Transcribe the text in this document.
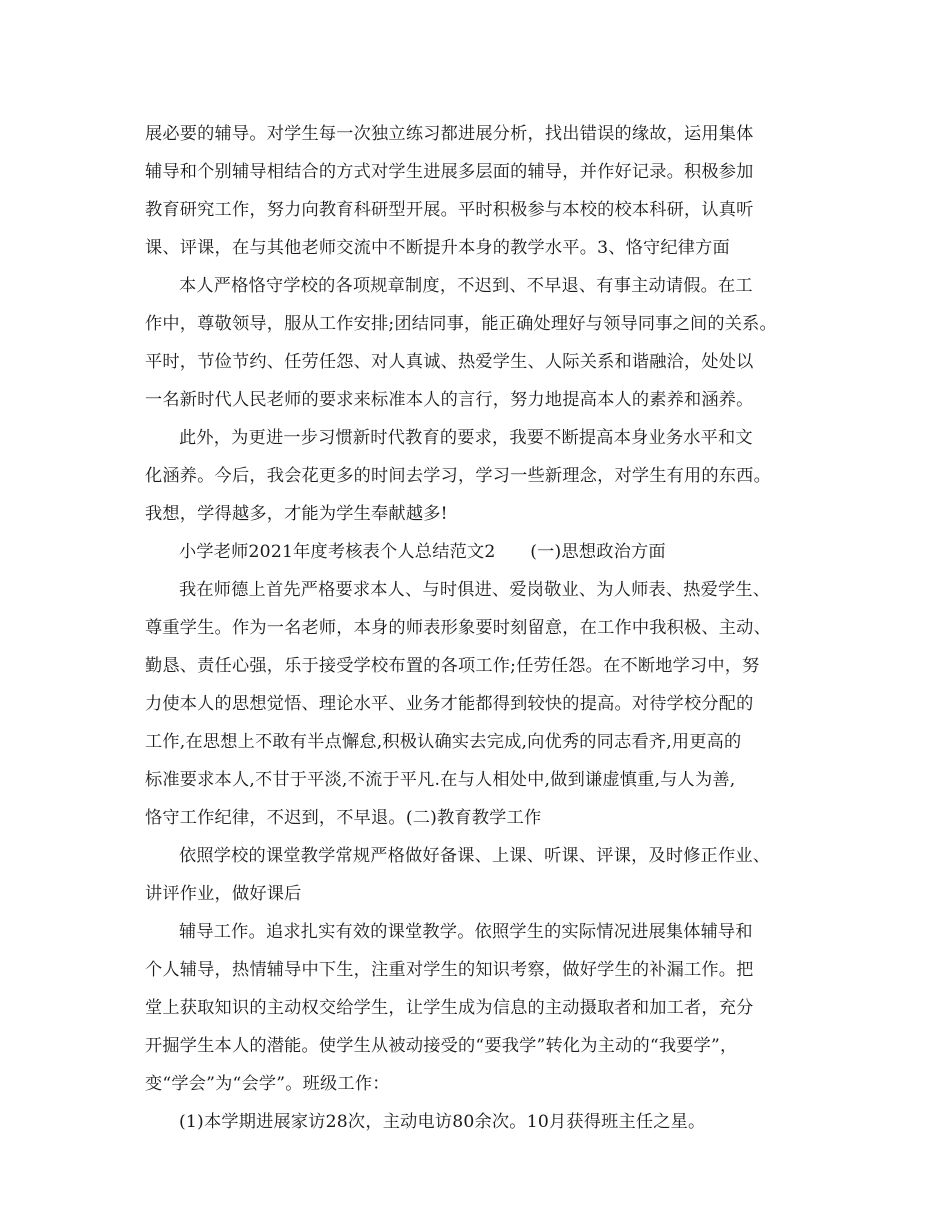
展必要的辅导。对学生每一次独立练习都进展分析，找出错误的缘故，运用集体
辅导和个别辅导相结合的方式对学生进展多层面的辅导，并作好记录。积极参加
教育研究工作，努力向教育科研型开展。平时积极参与本校的校本科研，认真听
课、评课，在与其他老师交流中不断提升本身的教学水平。3、恪守纪律方面
本人严格恪守学校的各项规章制度，不迟到、不早退、有事主动请假。在工
作中，尊敬领导，服从工作安排;团结同事，能正确处理好与领导同事之间的关系。
平时，节俭节约、任劳任怨、对人真诚、热爱学生、人际关系和谐融洽，处处以
一名新时代人民老师的要求来标准本人的言行，努力地提高本人的素养和涵养。
此外，为更进一步习惯新时代教育的要求，我要不断提高本身业务水平和文
化涵养。今后，我会花更多的时间去学习，学习一些新理念，对学生有用的东西。
我想，学得越多，才能为学生奉献越多!
小学老师2021年度考核表个人总结范文2　　(一)思想政治方面
我在师德上首先严格要求本人、与时俱进、爱岗敬业、为人师表、热爱学生、
尊重学生。作为一名老师，本身的师表形象要时刻留意，在工作中我积极、主动、
勤恳、责任心强，乐于接受学校布置的各项工作;任劳任怨。在不断地学习中，努
力使本人的思想觉悟、理论水平、业务才能都得到较快的提高。对待学校分配的
工作,在思想上不敢有半点懈怠,积极认确实去完成,向优秀的同志看齐,用更高的
标准要求本人,不甘于平淡,不流于平凡.在与人相处中,做到谦虚慎重,与人为善,
恪守工作纪律，不迟到，不早退。(二)教育教学工作
依照学校的课堂教学常规严格做好备课、上课、听课、评课，及时修正作业、
讲评作业，做好课后
辅导工作。追求扎实有效的课堂教学。依照学生的实际情况进展集体辅导和
个人辅导，热情辅导中下生，注重对学生的知识考察，做好学生的补漏工作。把
堂上获取知识的主动权交给学生，让学生成为信息的主动摄取者和加工者，充分
开掘学生本人的潜能。使学生从被动接受的“要我学”转化为主动的“我要学”，
变“学会”为“会学”。班级工作：
(1)本学期进展家访28次，主动电访80余次。10月获得班主任之星。
